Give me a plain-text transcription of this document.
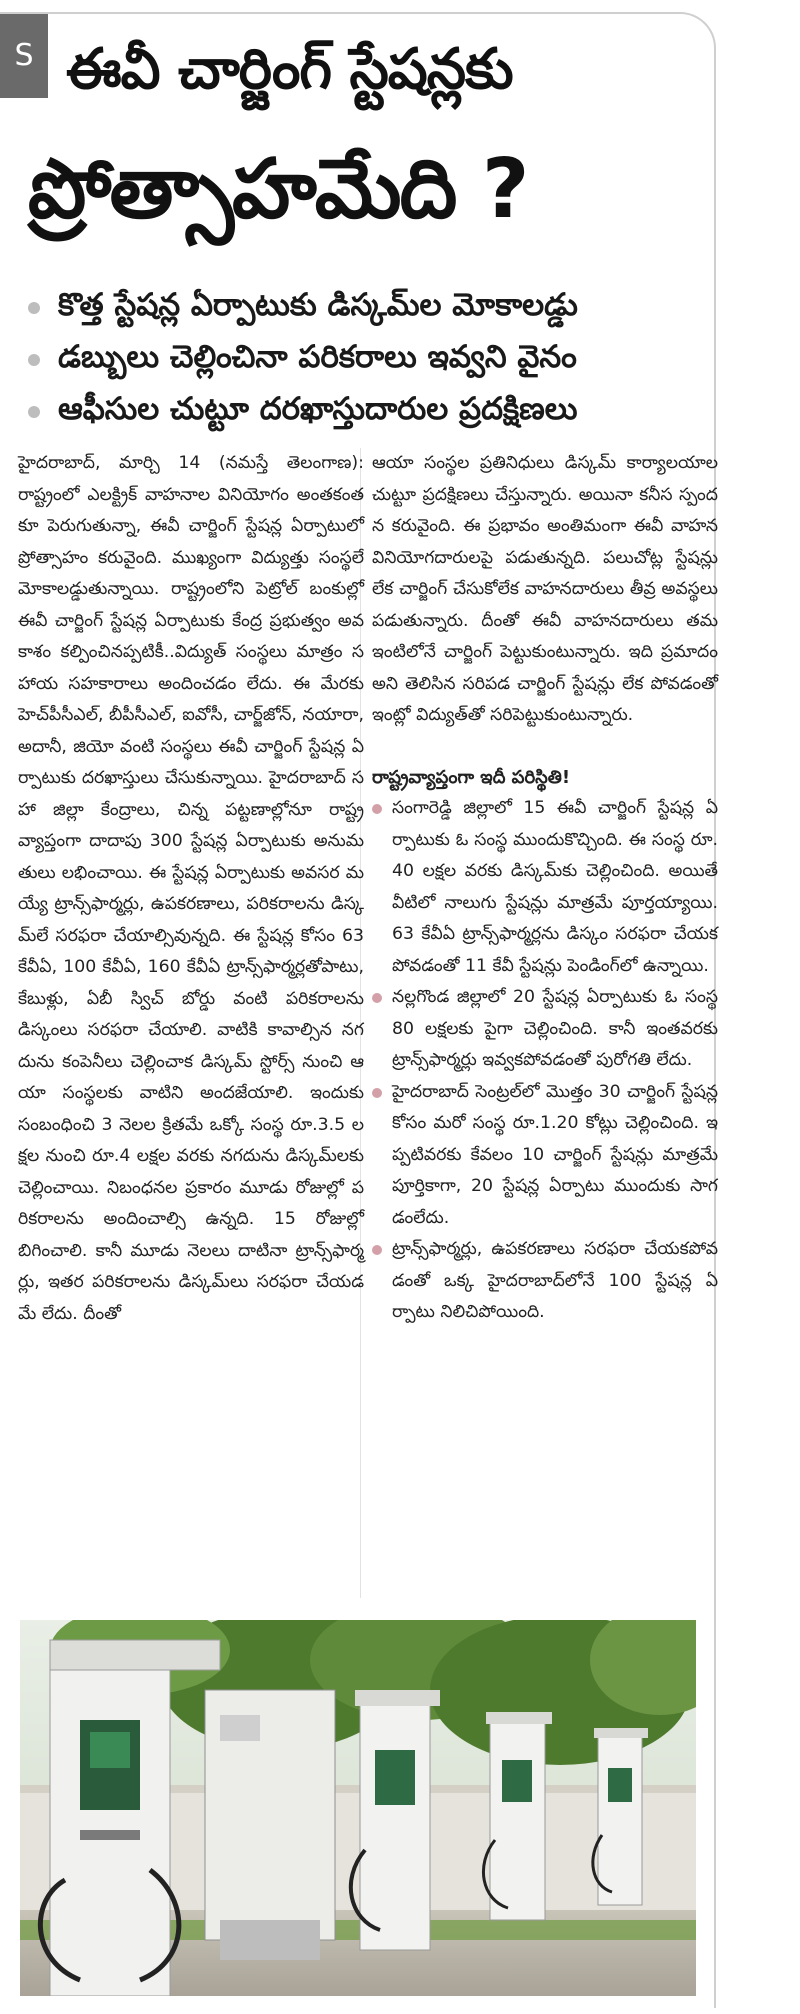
S ఈవీ చార్జింగ్ స్టేషన్లకు
ప్రోత్సాహమేది ?
కొత్త స్టేషన్ల ఏర్పాటుకు డిస్కమ్‌ల మోకాలడ్డు
డబ్బులు చెల్లించినా పరికరాలు ఇవ్వని వైనం
ఆఫీసుల చుట్టూ దరఖాస్తుదారుల ప్రదక్షిణలు
హైదరాబాద్, మార్చి 14 (నమస్తే తెలంగాణ): రాష్ట్రంలో ఎలక్ట్రిక్ వాహనాల వినియోగం అంతకంతకూ పెరుగుతున్నా, ఈవీ చార్జింగ్ స్టేషన్ల ఏర్పాటులో ప్రోత్సాహం కరువైంది. ముఖ్యంగా విద్యుత్తు సంస్థలే మోకాలడ్డుతున్నాయి. రాష్ట్రంలోని పెట్రోల్ బంకుల్లో ఈవీ చార్జింగ్ స్టేషన్ల ఏర్పాటుకు కేంద్ర ప్రభుత్వం అవకాశం కల్పించినప్పటికీ..విద్యుత్ సంస్థలు మాత్రం సహాయ సహకారాలు అందించడం లేదు. ఈ మేరకు హెచ్‌పీసీఎల్, బీపీసీఎల్, ఐవోసీ, చార్జ్‌జోన్, నయారా, అదానీ, జియో వంటి సంస్థలు ఈవీ చార్జింగ్ స్టేషన్ల ఏర్పాటుకు దరఖాస్తులు చేసుకున్నాయి. హైదరాబాద్ సహా జిల్లా కేంద్రాలు, చిన్న పట్టణాల్లోనూ రాష్ట్రవ్యాప్తంగా దాదాపు 300 స్టేషన్ల ఏర్పాటుకు అనుమతులు లభించాయి. ఈ స్టేషన్ల ఏర్పాటుకు అవసర మయ్యే ట్రాన్స్‌ఫార్మర్లు, ఉపకరణాలు, పరికరాలను డిస్కమ్‌లే సరఫరా చేయాల్సివున్నది. ఈ స్టేషన్ల కోసం 63 కేవీఏ, 100 కేవీఏ, 160 కేవీఏ ట్రాన్స్‌ఫార్మర్లతోపాటు, కేబుళ్లు, ఏబీ స్విచ్ బోర్డు వంటి పరికరాలను డిస్కంలు సరఫరా చేయాలి. వాటికి కావాల్సిన నగదును కంపెనీలు చెల్లించాక డిస్కమ్ స్టోర్స్ నుంచి ఆయా సంస్థలకు వాటిని అందజేయాలి. ఇందుకు సంబంధించి 3 నెలల క్రితమే ఒక్కో సంస్థ రూ.3.5 లక్షల నుంచి రూ.4 లక్షల వరకు నగదును డిస్కమ్‌లకు చెల్లించాయి. నిబంధనల ప్రకారం మూడు రోజుల్లో పరికరాలను అందించాల్సి ఉన్నది. 15 రోజుల్లో బిగించాలి. కానీ మూడు నెలలు దాటినా ట్రాన్స్‌ఫార్మర్లు, ఇతర పరికరాలను డిస్కమ్‌లు సరఫరా చేయడమే లేదు. దీంతో
ఆయా సంస్థల ప్రతినిధులు డిస్కమ్ కార్యాలయాల చుట్టూ ప్రదక్షిణలు చేస్తున్నారు. అయినా కనీస స్పందన కరువైంది. ఈ ప్రభావం అంతిమంగా ఈవీ వాహన వినియోగదారులపై పడుతున్నది. పలుచోట్ల స్టేషన్లు లేక చార్జింగ్ చేసుకోలేక వాహనదారులు తీవ్ర అవస్థలు పడుతున్నారు. దీంతో ఈవీ వాహనదారులు తమ ఇంటిలోనే చార్జింగ్ పెట్టుకుంటున్నారు. ఇది ప్రమాదం అని తెలిసిన సరిపడ చార్జింగ్ స్టేషన్లు లేక పోవడంతో ఇంట్లో విద్యుత్‌తో సరిపెట్టుకుంటున్నారు.
రాష్ట్రవ్యాప్తంగా ఇదీ పరిస్థితి!
సంగారెడ్డి జిల్లాలో 15 ఈవీ చార్జింగ్ స్టేషన్ల ఏర్పాటుకు ఓ సంస్థ ముందుకొచ్చింది. ఈ సంస్థ రూ.40 లక్షల వరకు డిస్కమ్‌కు చెల్లించింది. అయితే వీటిలో నాలుగు స్టేషన్లు మాత్రమే పూర్తయ్యాయి. 63 కేవీఏ ట్రాన్స్‌ఫార్మర్లను డిస్కం సరఫరా చేయకపోవడంతో 11 కేవీ స్టేషన్లు పెండింగ్‌లో ఉన్నాయి.
నల్లగొండ జిల్లాలో 20 స్టేషన్ల ఏర్పాటుకు ఓ సంస్థ 80 లక్షలకు పైగా చెల్లించింది. కానీ ఇంతవరకు ట్రాన్స్‌ఫార్మర్లు ఇవ్వకపోవడంతో పురోగతి లేదు.
హైదరాబాద్ సెంట్రల్‌లో మొత్తం 30 చార్జింగ్ స్టేషన్ల కోసం మరో సంస్థ రూ.1.20 కోట్లు చెల్లించింది. ఇప్పటివరకు కేవలం 10 చార్జింగ్ స్టేషన్లు మాత్రమే పూర్తికాగా, 20 స్టేషన్ల ఏర్పాటు ముందుకు సాగడంలేదు.
ట్రాన్స్‌ఫార్మర్లు, ఉపకరణాలు సరఫరా చేయకపోవడంతో ఒక్క హైదరాబాద్‌లోనే 100 స్టేషన్ల ఏర్పాటు నిలిచిపోయింది.
